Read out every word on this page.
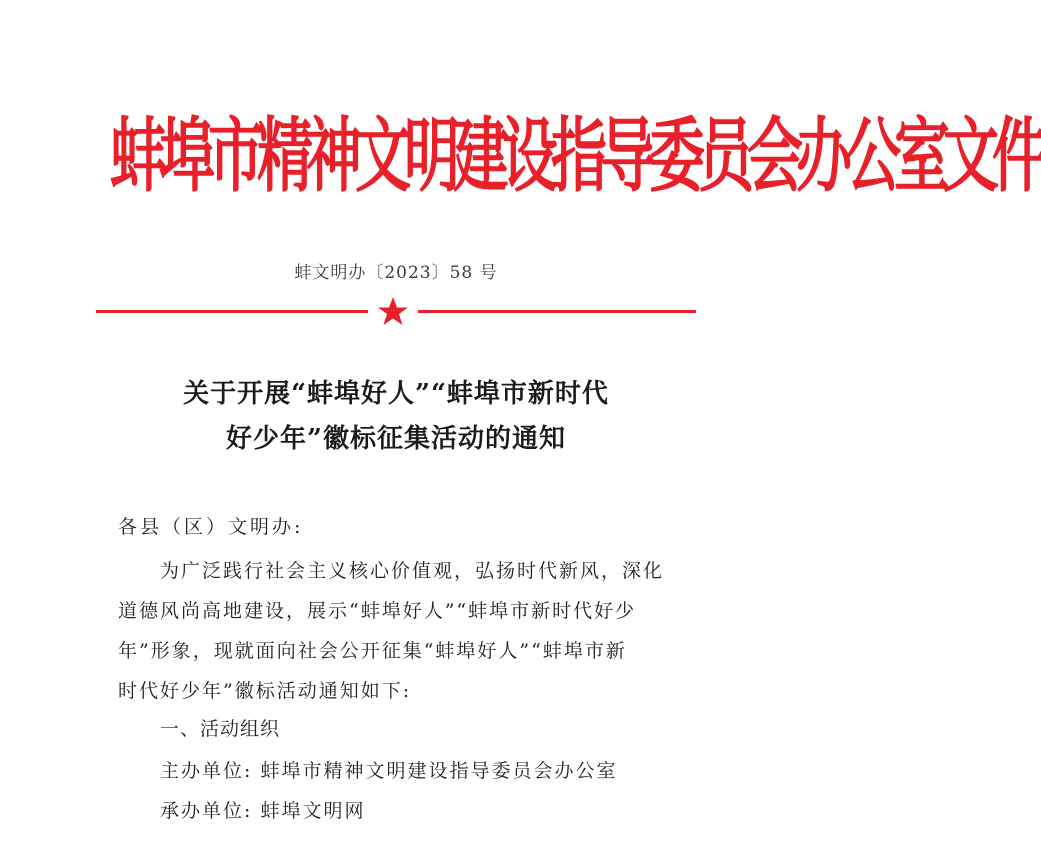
蚌埠市精神文明建设指导委员会办公室文件
蚌文明办〔2023〕58 号
关于开展“蚌埠好人”“蚌埠市新时代
好少年”徽标征集活动的通知
各县（区）文明办:
为广泛践行社会主义核心价值观，弘扬时代新风，深化
道德风尚高地建设，展示“蚌埠好人”“蚌埠市新时代好少
年”形象，现就面向社会公开征集“蚌埠好人”“蚌埠市新
时代好少年”徽标活动通知如下:
一、活动组织
主办单位: 蚌埠市精神文明建设指导委员会办公室
承办单位: 蚌埠文明网
